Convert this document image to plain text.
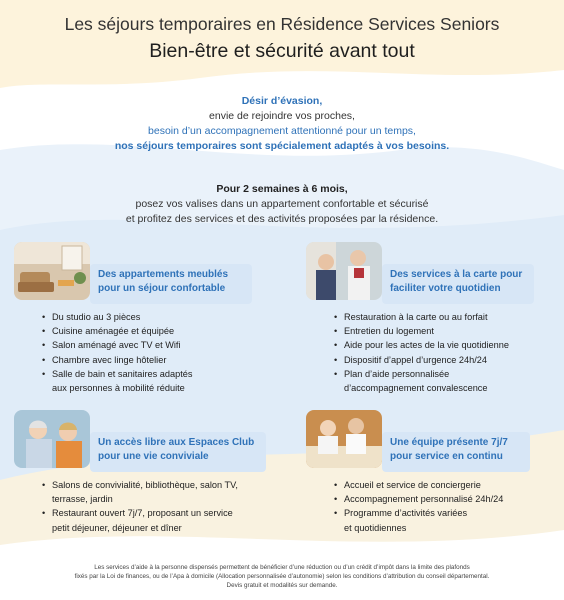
Les séjours temporaires en Résidence Services Seniors
Bien-être et sécurité avant tout
Désir d’évasion,
envie de rejoindre vos proches,
besoin d’un accompagnement attentionné pour un temps,
nos séjours temporaires sont spécialement adaptés à vos besoins.
Pour 2 semaines à 6 mois,
posez vos valises dans un appartement confortable et sécurisé
et profitez des services et des activités proposées par la résidence.
Des appartements meublés
pour un séjour confortable
• Du studio au 3 pièces
• Cuisine aménagée et équipée
• Salon aménagé avec TV et Wifi
• Chambre avec linge hôtelier
• Salle de bain et sanitaires adaptés
aux personnes à mobilité réduite
Des services à la carte pour
faciliter votre quotidien
• Restauration à la carte ou au forfait
• Entretien du logement
• Aide pour les actes de la vie quotidienne
• Dispositif d’appel d’urgence 24h/24
• Plan d’aide personnalisée
d’accompagnement convalescence
Un accès libre aux Espaces Club
pour une vie conviviale
• Salons de convivialité, bibliothèque, salon TV,
terrasse, jardin
• Restaurant ouvert 7j/7, proposant un service
petit déjeuner, déjeuner et dîner
Une équipe présente 7j/7
pour service en continu
• Accueil et service de conciergerie
• Accompagnement personnalisé 24h/24
• Programme d’activités variées
et quotidiennes
Les services d’aide à la personne dispensés permettent de bénéficier d’une réduction ou d’un crédit d’impôt dans la limite des plafonds
fixés par la Loi de finances, ou de l’Apa à domicile (Allocation personnalisée d’autonomie) selon les conditions d’attribution du conseil départemental.
Devis gratuit et modalités sur demande.
